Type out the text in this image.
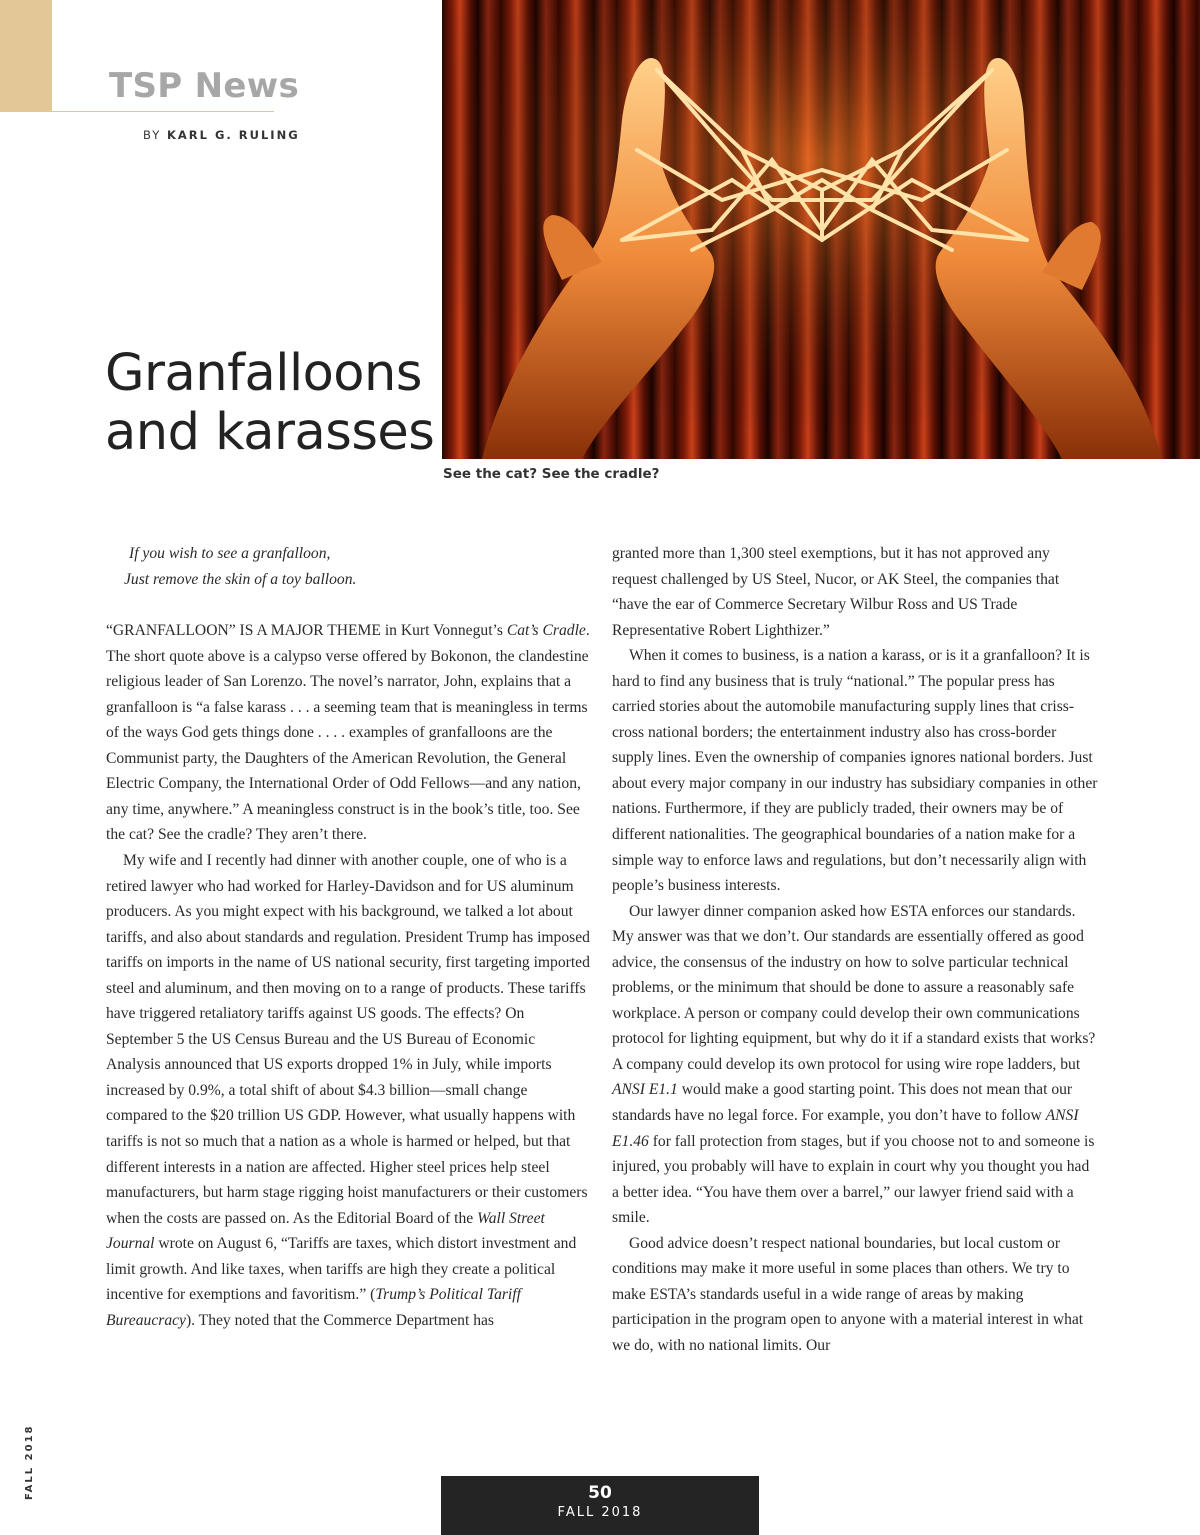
TSP News
BY KARL G. RULING
See the cat? See the cradle?
Granfalloons
and karasses
If you wish to see a granfalloon,
Just remove the skin of a toy balloon.

“GRANFALLOON” IS A MAJOR THEME in Kurt Vonnegut’s Cat’s Cradle. The short quote above is a calypso verse offered by Bokonon, the clandestine religious leader of San Lorenzo. The novel’s narrator, John, explains that a granfalloon is “a false karass . . . a seeming team that is meaningless in terms of the ways God gets things done . . . . examples of granfalloons are the Communist party, the Daughters of the American Revolution, the General Electric Company, the International Order of Odd Fellows—and any nation, any time, anywhere.” A meaningless construct is in the book’s title, too. See the cat? See the cradle? They aren’t there.

My wife and I recently had dinner with another couple, one of who is a retired lawyer who had worked for Harley-Davidson and for US aluminum producers. As you might expect with his background, we talked a lot about tariffs, and also about standards and regulation. President Trump has imposed tariffs on imports in the name of US national security, first targeting imported steel and aluminum, and then moving on to a range of products. These tariffs have triggered retaliatory tariffs against US goods. The effects? On September 5 the US Census Bureau and the US Bureau of Economic Analysis announced that US exports dropped 1% in July, while imports increased by 0.9%, a total shift of about $4.3 billion—small change compared to the $20 trillion US GDP. However, what usually happens with tariffs is not so much that a nation as a whole is harmed or helped, but that different interests in a nation are affected. Higher steel prices help steel manufacturers, but harm stage rigging hoist manufacturers or their customers when the costs are passed on. As the Editorial Board of the Wall Street Journal wrote on August 6, “Tariffs are taxes, which distort investment and limit growth. And like taxes, when tariffs are high they create a political incentive for exemptions and favoritism.” (Trump’s Political Tariff Bureaucracy). They noted that the Commerce Department has

granted more than 1,300 steel exemptions, but it has not approved any request challenged by US Steel, Nucor, or AK Steel, the companies that “have the ear of Commerce Secretary Wilbur Ross and US Trade Representative Robert Lighthizer.”

When it comes to business, is a nation a karass, or is it a granfalloon? It is hard to find any business that is truly “national.” The popular press has carried stories about the automobile manufacturing supply lines that criss-cross national borders; the entertainment industry also has cross-border supply lines. Even the ownership of companies ignores national borders. Just about every major company in our industry has subsidiary companies in other nations. Furthermore, if they are publicly traded, their owners may be of different nationalities. The geographical boundaries of a nation make for a simple way to enforce laws and regulations, but don’t necessarily align with people’s business interests.

Our lawyer dinner companion asked how ESTA enforces our standards. My answer was that we don’t. Our standards are essentially offered as good advice, the consensus of the industry on how to solve particular technical problems, or the minimum that should be done to assure a reasonably safe workplace. A person or company could develop their own communications protocol for lighting equipment, but why do it if a standard exists that works? A company could develop its own protocol for using wire rope ladders, but ANSI E1.1 would make a good starting point. This does not mean that our standards have no legal force. For example, you don’t have to follow ANSI E1.46 for fall protection from stages, but if you choose not to and someone is injured, you probably will have to explain in court why you thought you had a better idea. “You have them over a barrel,” our lawyer friend said with a smile.

Good advice doesn’t respect national boundaries, but local custom or conditions may make it more useful in some places than others. We try to make ESTA’s standards useful in a wide range of areas by making participation in the program open to anyone with a material interest in what we do, with no national limits. Our

FALL 2018	50
FALL 2018
